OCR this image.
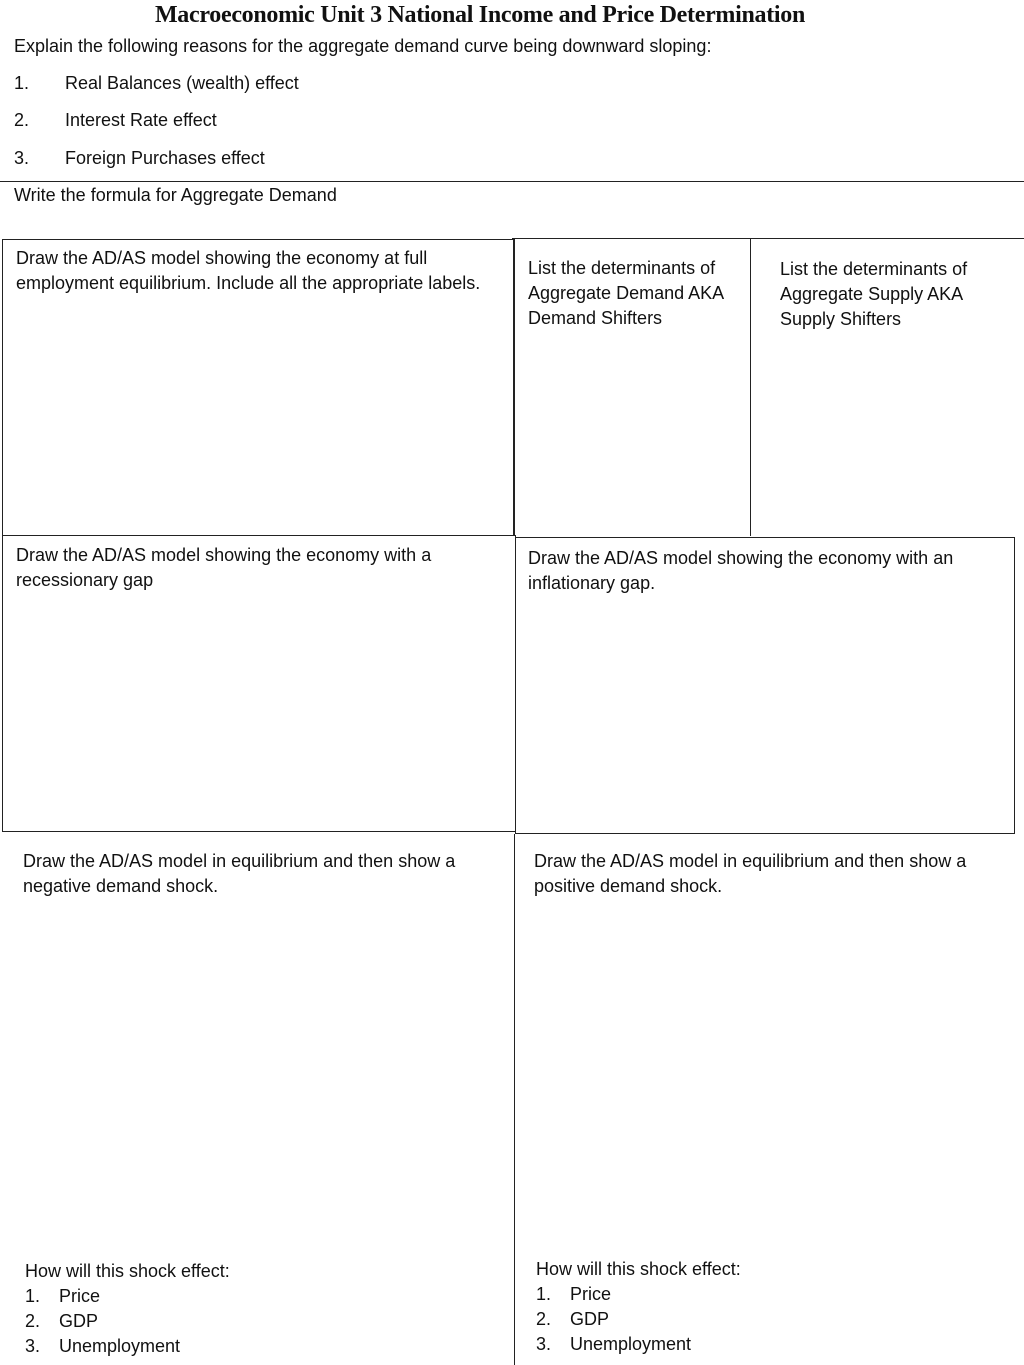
Macroeconomic Unit 3 National Income and Price Determination
Explain the following reasons for the aggregate demand curve being downward sloping:
1. Real Balances (wealth) effect
2. Interest Rate effect
3. Foreign Purchases effect
Write the formula for Aggregate Demand
Draw the AD/AS model showing the economy at full employment equilibrium. Include all the appropriate labels.
List the determinants of Aggregate Demand AKA Demand Shifters
List the determinants of Aggregate Supply AKA Supply Shifters
Draw the AD/AS model showing the economy with a recessionary gap
Draw the AD/AS model showing the economy with an inflationary gap.
Draw the AD/AS model in equilibrium and then show a negative demand shock.
Draw the AD/AS model in equilibrium and then show a positive demand shock.
How will this shock effect:
1. Price
2. GDP
3. Unemployment
How will this shock effect:
1. Price
2. GDP
3. Unemployment
